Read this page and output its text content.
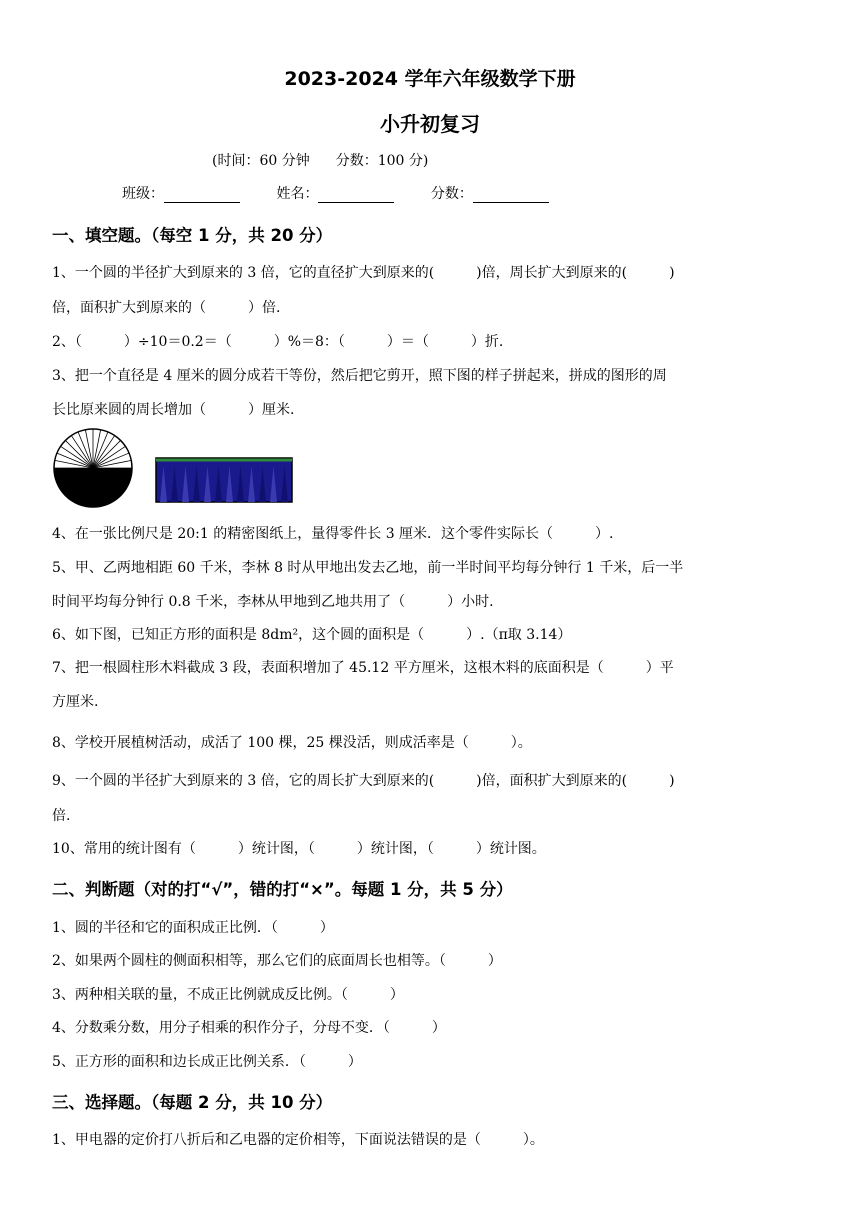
2023-2024 学年六年级数学下册
小升初复习
(时间：60 分钟 分数：100 分)
班级：	姓名：	分数：
一、填空题。（每空 1 分，共 20 分）
1、一个圆的半径扩大到原来的 3 倍，它的直径扩大到原来的(　　　)倍，周长扩大到原来的(　　　)
倍，面积扩大到原来的（　　　）倍.
2、（　　　）÷10＝0.2＝（　　　）%＝8：（　　　）＝（　　　）折.
3、把一个直径是 4 厘米的圆分成若干等份，然后把它剪开，照下图的样子拼起来，拼成的图形的周
长比原来圆的周长增加（　　　）厘米.
4、在一张比例尺是 20:1 的精密图纸上，量得零件长 3 厘米．这个零件实际长（　　　）.
5、甲、乙两地相距 60 千米，李林 8 时从甲地出发去乙地，前一半时间平均每分钟行 1 千米，后一半
时间平均每分钟行 0.8 千米，李林从甲地到乙地共用了（　　　）小时.
6、如下图，已知正方形的面积是 8dm²，这个圆的面积是（　　　）.（π取 3.14）
7、把一根圆柱形木料截成 3 段，表面积增加了 45.12 平方厘米，这根木料的底面积是（　　　）平
方厘米.
8、学校开展植树活动，成活了 100 棵，25 棵没活，则成活率是（　　　）。
9、一个圆的半径扩大到原来的 3 倍，它的周长扩大到原来的(　　　)倍，面积扩大到原来的(　　　)
倍.
10、常用的统计图有（　　　）统计图，（　　　）统计图，（　　　）统计图。
二、判断题（对的打“√”，错的打“×”。每题 1 分，共 5 分）
1、圆的半径和它的面积成正比例．（　　　）
2、如果两个圆柱的侧面积相等，那么它们的底面周长也相等。（　　　）
3、两种相关联的量，不成正比例就成反比例。（　　　）
4、分数乘分数，用分子相乘的积作分子，分母不变．（　　　）
5、正方形的面积和边长成正比例关系．（　　　）
三、选择题。（每题 2 分，共 10 分）
1、甲电器的定价打八折后和乙电器的定价相等，下面说法错误的是（　　　）。
